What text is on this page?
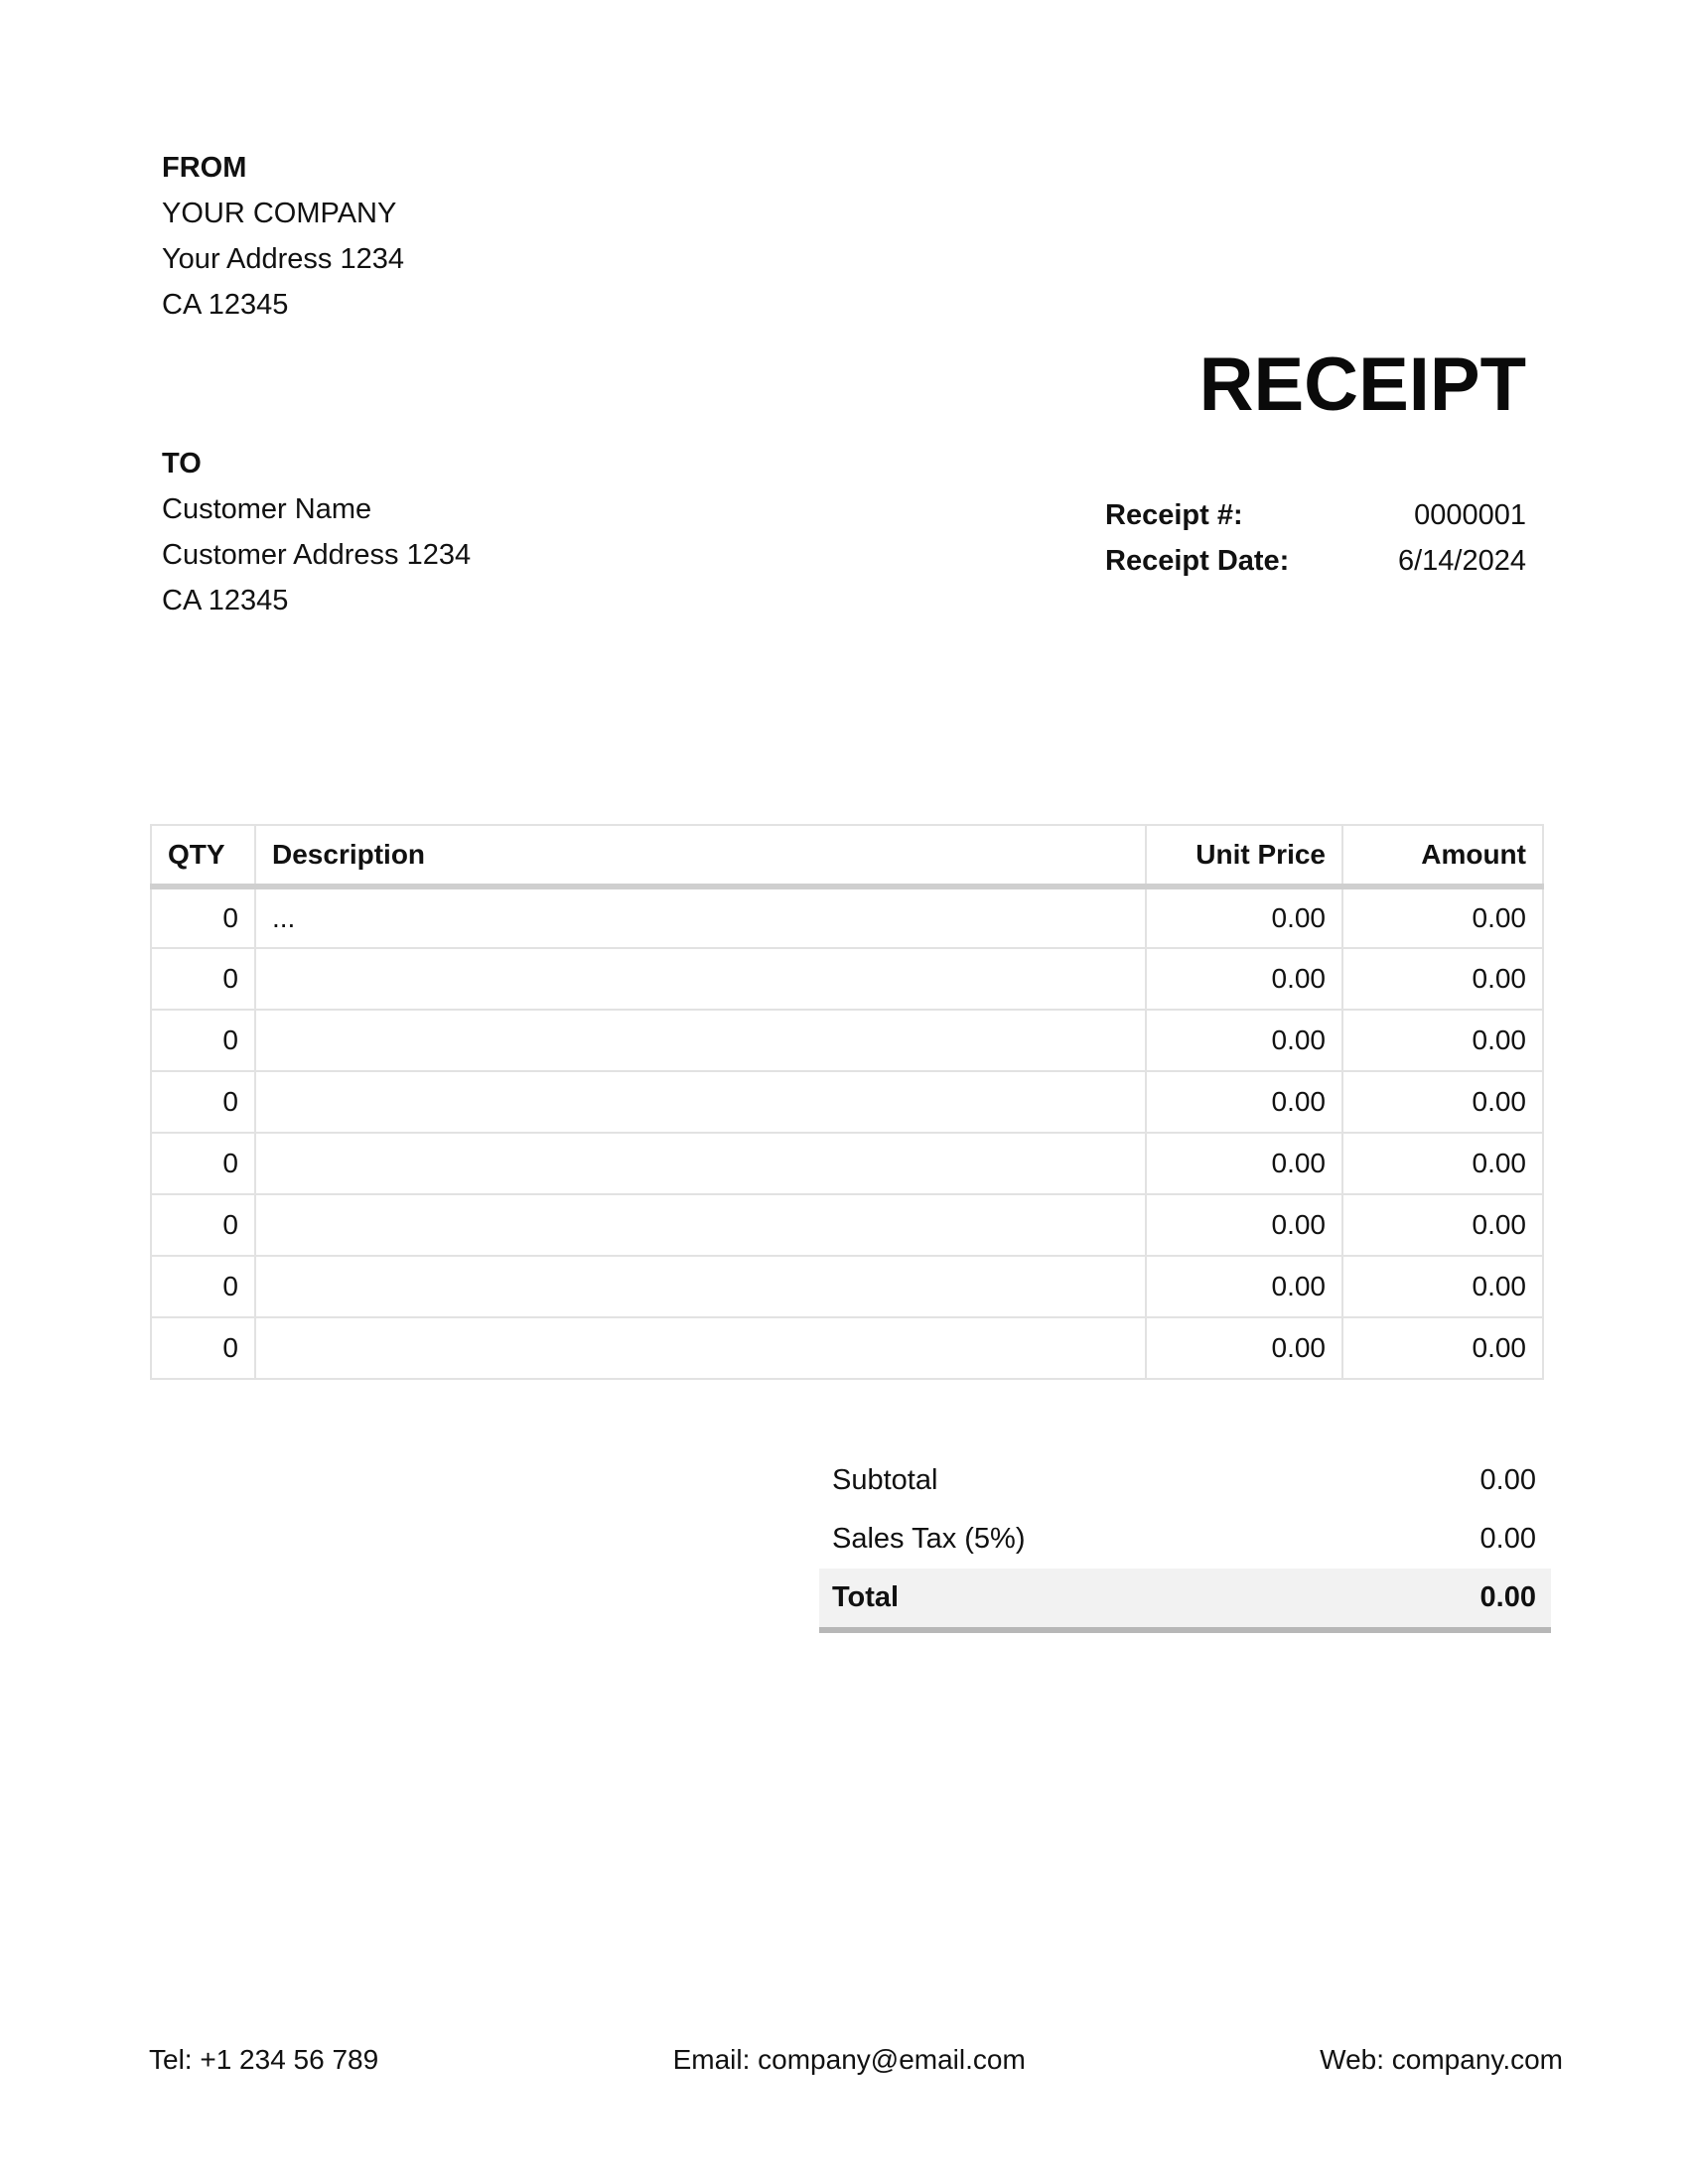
FROM
YOUR COMPANY
Your Address 1234
CA 12345
RECEIPT
TO
Customer Name
Customer Address 1234
CA 12345
Receipt #:	0000001
Receipt Date:	6/14/2024
QTY	Description	Unit Price	Amount
0	...	0.00	0.00
0		0.00	0.00
0		0.00	0.00
0		0.00	0.00
0		0.00	0.00
0		0.00	0.00
0		0.00	0.00
0		0.00	0.00
Subtotal	0.00
Sales Tax (5%)	0.00
Total	0.00
Tel: +1 234 56 789	Email: company@email.com	Web: company.com
